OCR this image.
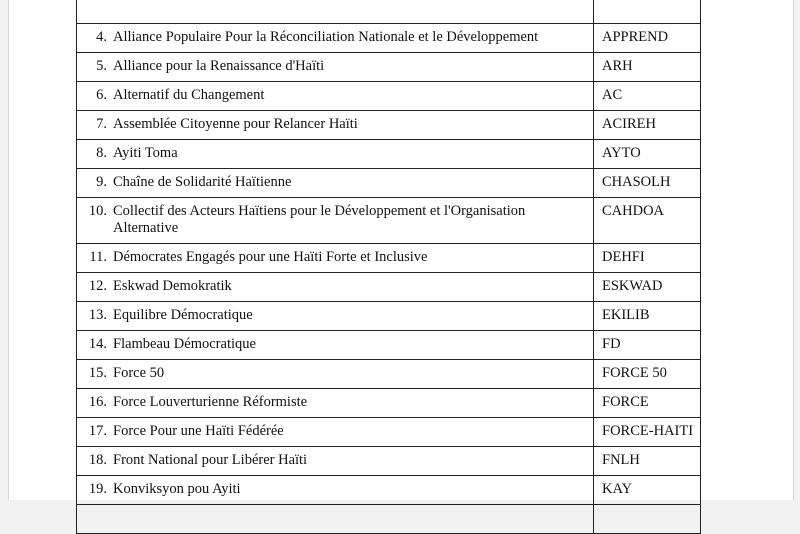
4. Alliance Populaire Pour la Réconciliation Nationale et le Développement	APPREND
5. Alliance pour la Renaissance d'Haïti	ARH
6. Alternatif du Changement	AC
7. Assemblée Citoyenne pour Relancer Haïti	ACIREH
8. Ayiti Toma	AYTO
9. Chaîne de Solidarité Haïtienne	CHASOLH
10. Collectif des Acteurs Haïtiens pour le Développement et l'Organisation Alternative	CAHDOA
11. Démocrates Engagés pour une Haïti Forte et Inclusive	DEHFI
12. Eskwad Demokratik	ESKWAD
13. Equilibre Démocratique	EKILIB
14. Flambeau Démocratique	FD
15. Force 50	FORCE 50
16. Force Louverturienne Réformiste	FORCE
17. Force Pour une Haïti Fédérée	FORCE-HAITI
18. Front National pour Libérer Haïti	FNLH
19. Konviksyon pou Ayiti	KAY
